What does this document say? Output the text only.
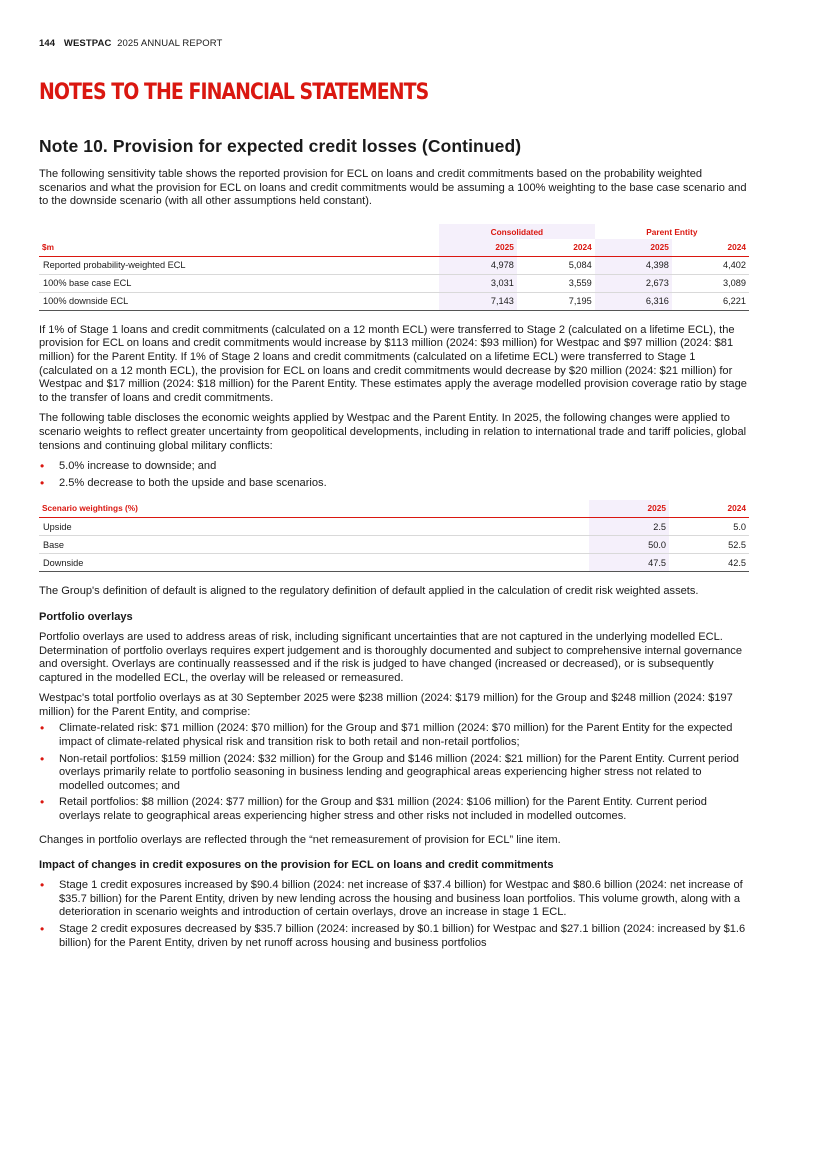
144 WESTPAC 2025 ANNUAL REPORT
NOTES TO THE FINANCIAL STATEMENTS
Note 10. Provision for expected credit losses (Continued)

The following sensitivity table shows the reported provision for ECL on loans and credit commitments based on the probability weighted scenarios and what the provision for ECL on loans and credit commitments would be assuming a 100% weighting to the base case scenario and to the downside scenario (with all other assumptions held constant).

	Consolidated		Parent Entity	
$m	2025	2024	2025	2024
Reported probability-weighted ECL	4,978	5,084	4,398	4,402
100% base case ECL	3,031	3,559	2,673	3,089
100% downside ECL	7,143	7,195	6,316	6,221

If 1% of Stage 1 loans and credit commitments (calculated on a 12 month ECL) were transferred to Stage 2 (calculated on a lifetime ECL), the provision for ECL on loans and credit commitments would increase by $113 million (2024: $93 million) for Westpac and $97 million (2024: $81 million) for the Parent Entity. If 1% of Stage 2 loans and credit commitments (calculated on a lifetime ECL) were transferred to Stage 1 (calculated on a 12 month ECL), the provision for ECL on loans and credit commitments would decrease by $20 million (2024: $21 million) for Westpac and $17 million (2024: $18 million) for the Parent Entity. These estimates apply the average modelled provision coverage ratio by stage to the transfer of loans and credit commitments.

The following table discloses the economic weights applied by Westpac and the Parent Entity. In 2025, the following changes were applied to scenario weights to reflect greater uncertainty from geopolitical developments, including in relation to international trade and tariff policies, global tensions and continuing global military conflicts:

• 5.0% increase to downside; and
• 2.5% decrease to both the upside and base scenarios.
Scenario weightings (%)	2025	2024
Upside	2.5	5.0
Base	50.0	52.5
Downside	47.5	42.5

The Group's definition of default is aligned to the regulatory definition of default applied in the calculation of credit risk weighted assets.

Portfolio overlays

Portfolio overlays are used to address areas of risk, including significant uncertainties that are not captured in the underlying modelled ECL. Determination of portfolio overlays requires expert judgement and is thoroughly documented and subject to comprehensive internal governance and oversight. Overlays are continually reassessed and if the risk is judged to have changed (increased or decreased), or is subsequently captured in the modelled ECL, the overlay will be released or remeasured.

Westpac's total portfolio overlays as at 30 September 2025 were $238 million (2024: $179 million) for the Group and $248 million (2024: $197 million) for the Parent Entity, and comprise:

• Climate-related risk: $71 million (2024: $70 million) for the Group and $71 million (2024: $70 million) for the Parent Entity for the expected impact of climate-related physical risk and transition risk to both retail and non-retail portfolios;
• Non-retail portfolios: $159 million (2024: $32 million) for the Group and $146 million (2024: $21 million) for the Parent Entity. Current period overlays primarily relate to portfolio seasoning in business lending and geographical areas experiencing higher stress not related to modelled outcomes; and
• Retail portfolios: $8 million (2024: $77 million) for the Group and $31 million (2024: $106 million) for the Parent Entity. Current period overlays relate to geographical areas experiencing higher stress and other risks not included in modelled outcomes.

Changes in portfolio overlays are reflected through the “net remeasurement of provision for ECL” line item.

Impact of changes in credit exposures on the provision for ECL on loans and credit commitments
• Stage 1 credit exposures increased by $90.4 billion (2024: net increase of $37.4 billion) for Westpac and $80.6 billion (2024: net increase of $35.7 billion) for the Parent Entity, driven by new lending across the housing and business loan portfolios. This volume growth, along with a deterioration in scenario weights and introduction of certain overlays, drove an increase in stage 1 ECL.
• Stage 2 credit exposures decreased by $35.7 billion (2024: increased by $0.1 billion) for Westpac and $27.1 billion (2024: increased by $1.6 billion) for the Parent Entity, driven by net runoff across housing and business portfolios
